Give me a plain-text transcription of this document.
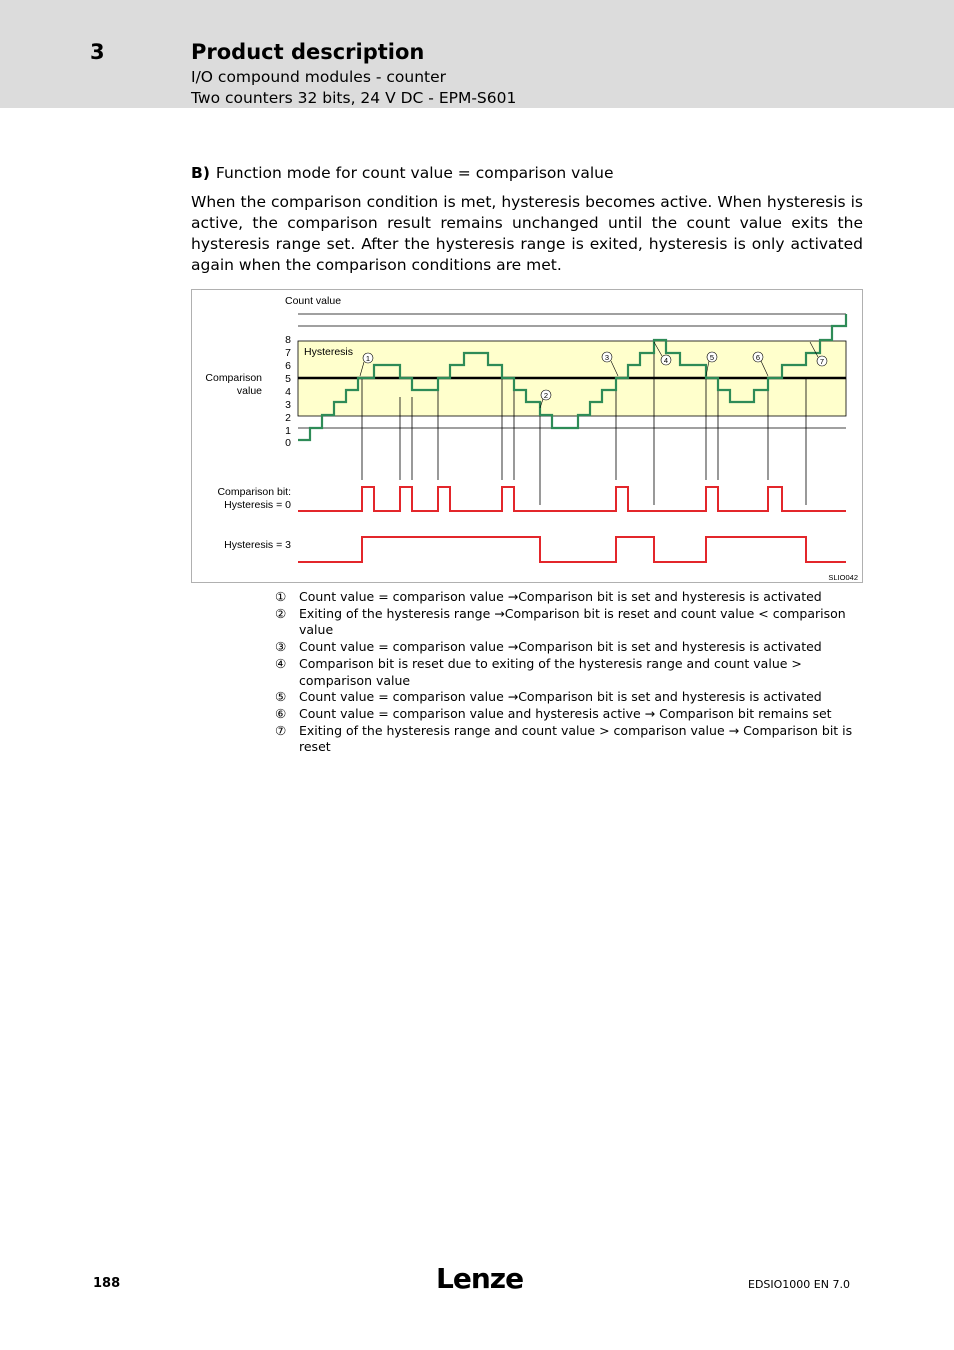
3	Product description
I/O compound modules - counter
Two counters 32 bits, 24 V DC - EPM-S601
B) Function mode for count value = comparison value
When the comparison condition is met, hysteresis becomes active. When hysteresis is active, the comparison result remains unchanged until the count value exits the hysteresis range set. After the hysteresis range is exited, hysteresis is only activated again when the comparison conditions are met.
1
2
3	4	5	6	7
Count value
Hysteresis
Comparison
value
Comparison bit:
Hysteresis = 0
Hysteresis = 3
8
7
6
5
4
3
2
1
0
SLIO042
①	Count value = comparison value →Comparison bit is set and hysteresis is activated
②	Exiting of the hysteresis range →Comparison bit is reset and count value < comparison value
③	Count value = comparison value →Comparison bit is set and hysteresis is activated
④	Comparison bit is reset due to exiting of the hysteresis range and count value > comparison value
⑤	Count value = comparison value →Comparison bit is set and hysteresis is activated
⑥	Count value = comparison value and hysteresis active → Comparison bit remains set
⑦	Exiting of the hysteresis range and count value > comparison value → Comparison bit is reset
188	Lenze	EDSIO1000 EN 7.0
